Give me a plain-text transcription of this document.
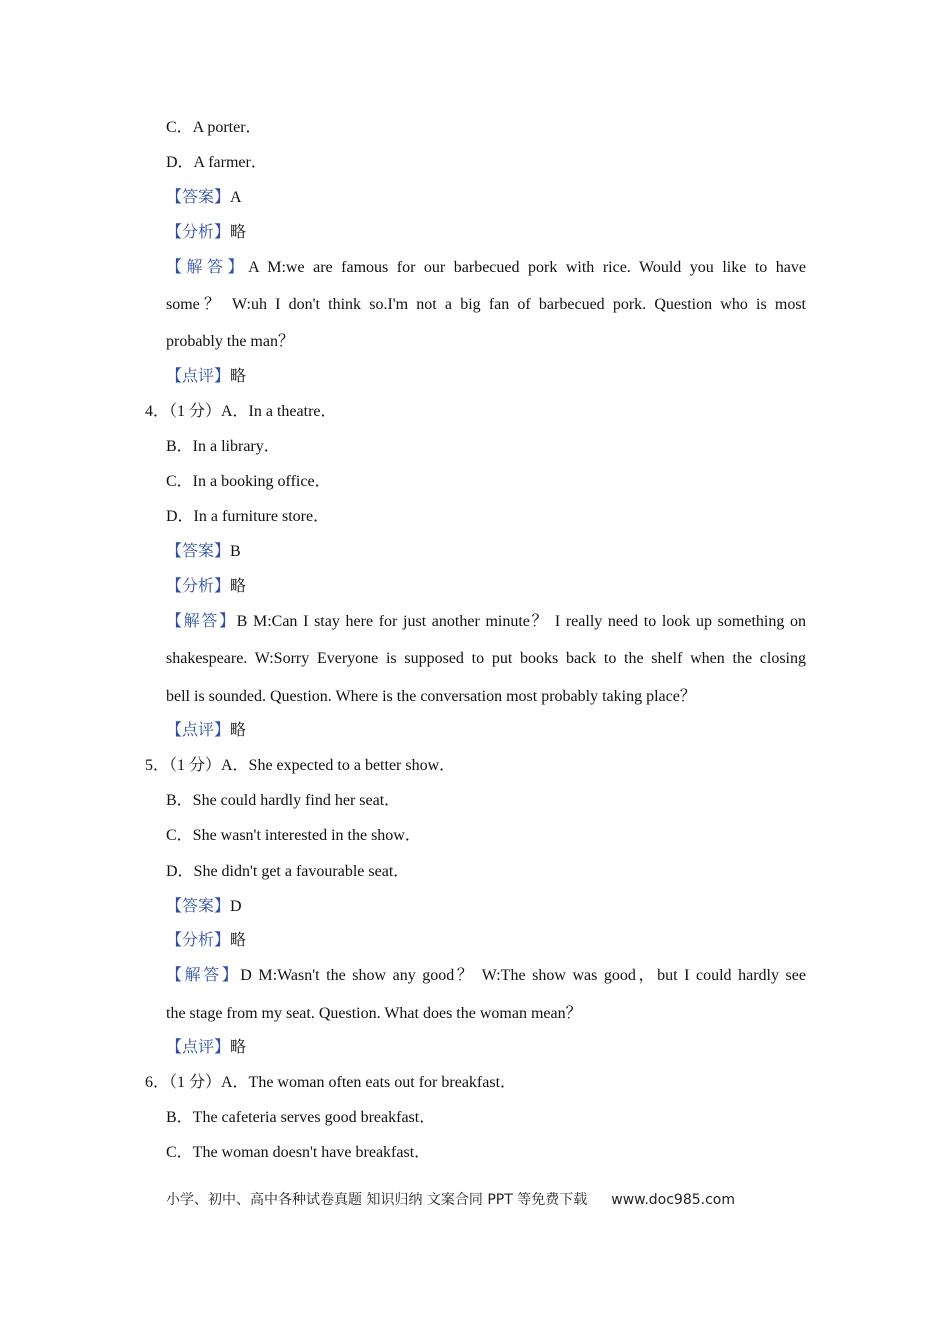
C．A porter．
D．A farmer．
【答案】A
【分析】略
【解答】A M:we are famous for our barbecued pork with rice. Would you like to have
some？ W:uh I don't think so.I'm not a big fan of barbecued pork. Question who is most
probably the man？
【点评】略
4．（1 分）A．In a theatre．
B．In a library．
C．In a booking office．
D．In a furniture store．
【答案】B
【分析】略
【解答】B M:Can I stay here for just another minute？ I really need to look up something on
shakespeare. W:Sorry Everyone is supposed to put books back to the shelf when the closing
bell is sounded. Question. Where is the conversation most probably taking place？
【点评】略
5．（1 分）A．She expected to a better show．
B．She could hardly find her seat．
C．She wasn't interested in the show．
D．She didn't get a favourable seat．
【答案】D
【分析】略
【解答】D M:Wasn't the show any good？ W:The show was good，but I could hardly see
the stage from my seat. Question. What does the woman mean？
【点评】略
6．（1 分）A．The woman often eats out for breakfast．
B．The cafeteria serves good breakfast．
C．The woman doesn't have breakfast．
小学、初中、高中各种试卷真题 知识归纳 文案合同 PPT 等免费下载 www.doc985.com
